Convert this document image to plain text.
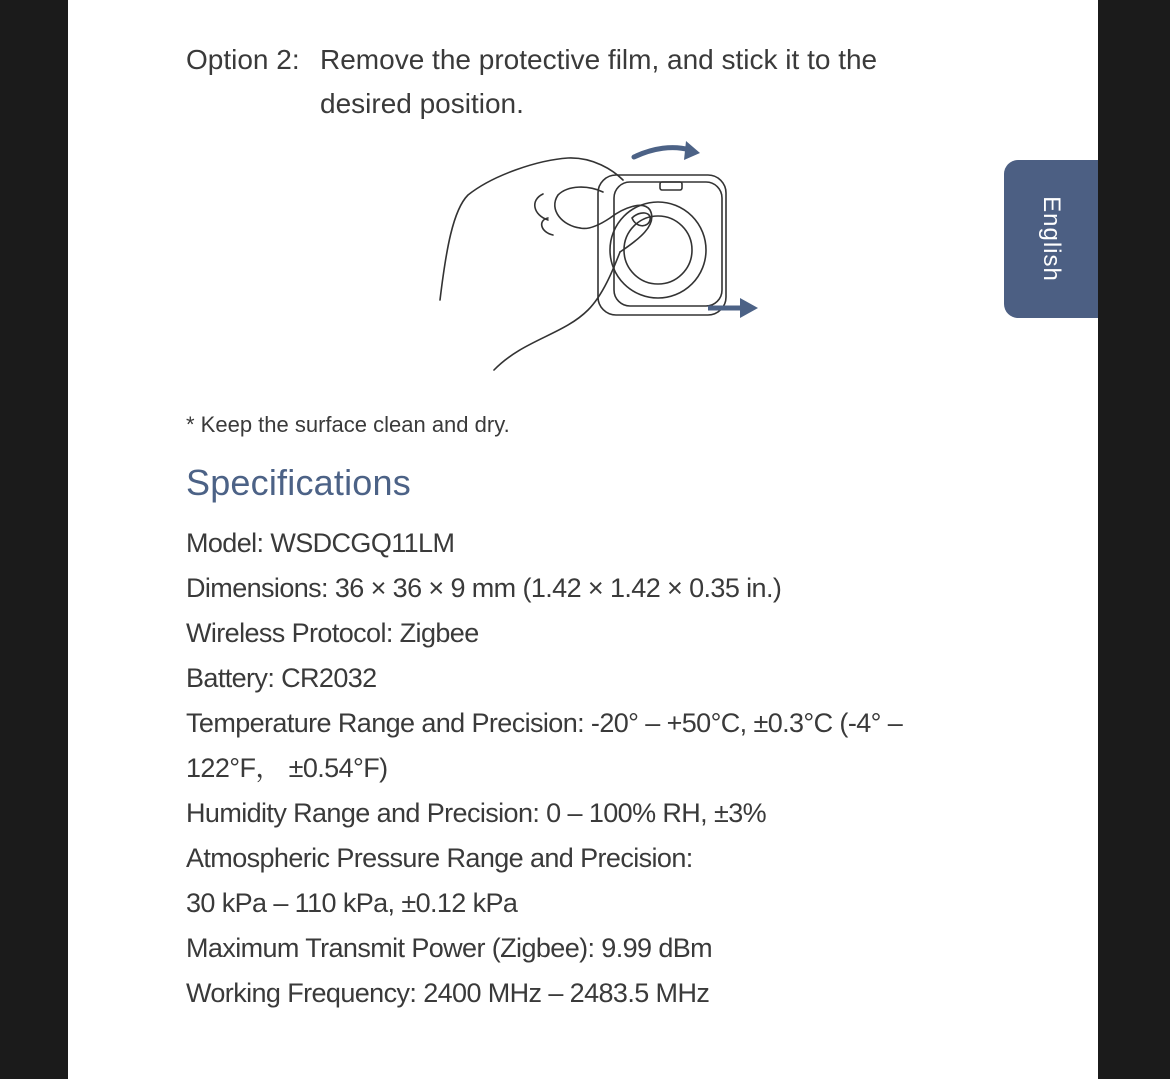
Option 2: Remove the protective film, and stick it to the desired position.
* Keep the surface clean and dry.
Specifications
Model: WSDCGQ11LM
Dimensions: 36 × 36 × 9 mm (1.42 × 1.42 × 0.35 in.)
Wireless Protocol: Zigbee
Battery: CR2032
Temperature Range and Precision: -20° – +50°C, ±0.3°C (-4° –
122°F， ±0.54°F)
Humidity Range and Precision: 0 – 100% RH, ±3%
Atmospheric Pressure Range and Precision:
30 kPa – 110 kPa, ±0.12 kPa
Maximum Transmit Power (Zigbee): 9.99 dBm
Working Frequency: 2400 MHz – 2483.5 MHz
English
